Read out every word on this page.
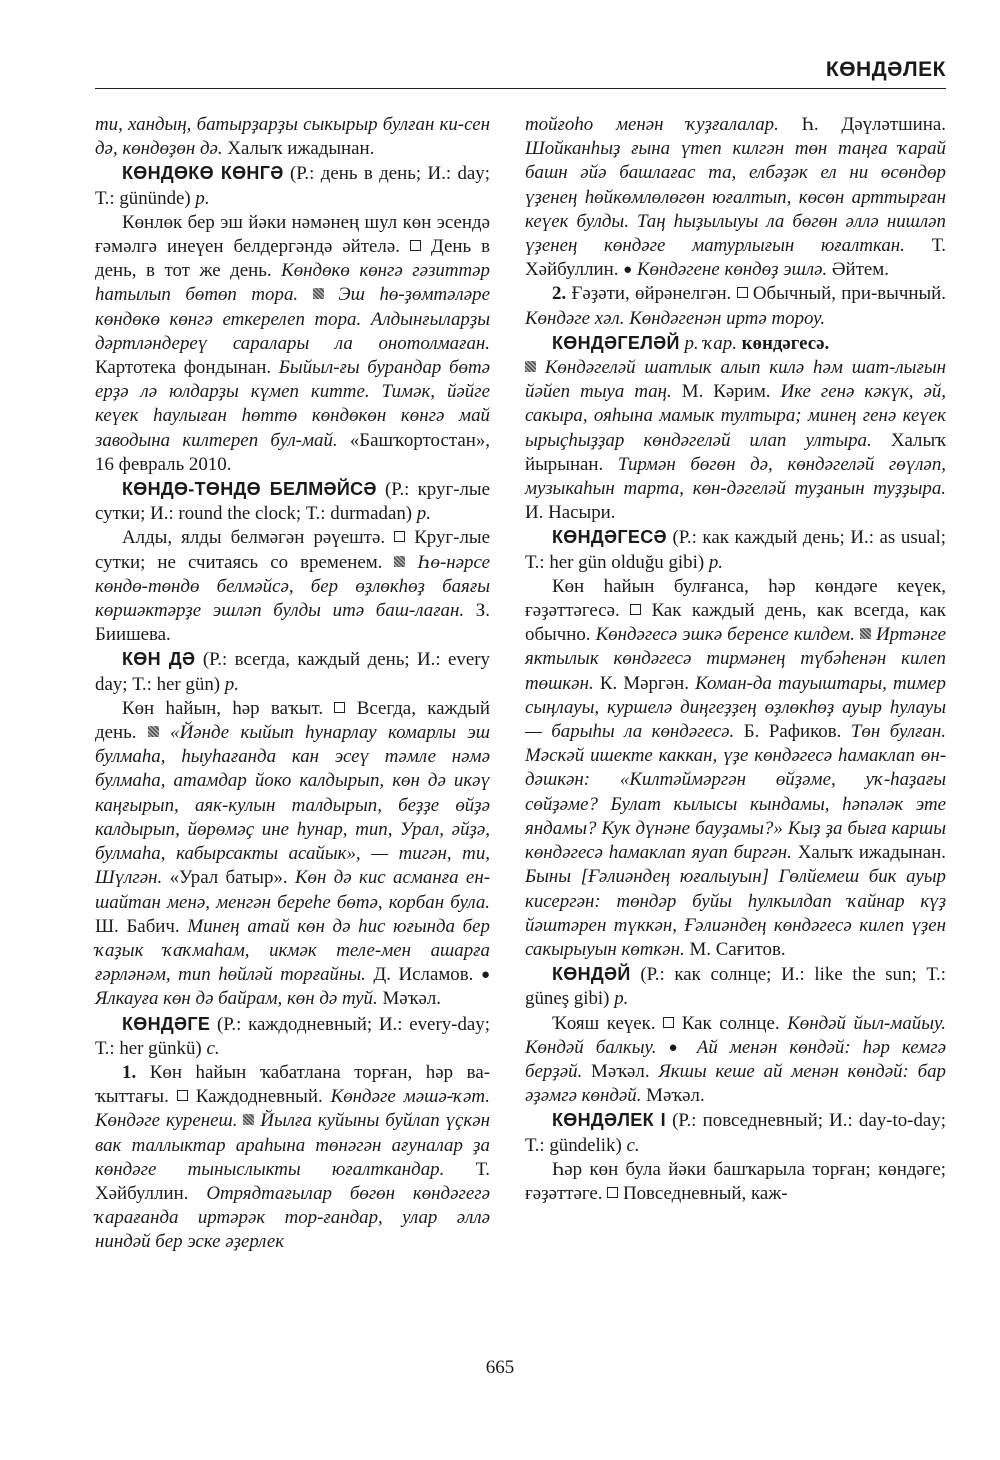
КӨНДӘЛЕК

ти, хандың, батырҙарҙы сыкырыр булған ки-сен дә, көндөҙөн дә. Халыҡ ижадынан.

КӨНДӨКӨ КӨНГӘ (Р.: день в день; И.: day; Т.: gününde) р.

Көнлөк бер эш йәки нәмәнең шул көн эсендә ғәмәлгә инеүен белдергәндә әйтелә.  День в день, в тот же день. Көндөкө көнгә гәзиттәр һатылып бөтөп тора.  Эш һө-ҙөмтәләре көндөкө көнгә еткерелеп тора. Алдынғыларҙы дәртләндереү саралары ла онотолмаған. Картотека фондынан. Быйыл-ғы бурандар бөтә ерҙә лә юлдарҙы күмеп китте. Тимәк, йәйге кеүек һаулыған һөттө көндөкөн көнгә май заводына килтереп бул-май. «Башҡортостан», 16 февраль 2010.

КӨНДӨ-ТӨНДӨ БЕЛМӘЙСӘ (Р.: круг-лые сутки; И.: round the clock; Т.: durmadan) р.

Алды, ялды белмәгән рәүештә.  Круг-лые сутки; не считаясь со временем.  Һө-нәрсе көндө-төндө белмәйсә, бер өҙлөкһөҙ баяғы көршәктәрҙе эшләп булды итә баш-лаған. З. Биишева.

КӨН ДӘ (Р.: всегда, каждый день; И.: every day; Т.: her gün) р.

Көн һайын, һәр ваҡыт.  Всегда, каждый день.  «Йәнде кыйып һунарлау комарлы эш булмаһа, һыуһағанда кан эсеү тәмле нәмә булмаһа, атамдар йоко калдырып, көн дә икәү каңғырып, аяк-кулын талдырып, беҙҙе өйҙә калдырып, йөрөмәҫ ине һунар, тип, Урал, әйҙә, булмаһа, кабырсакты асайык», — тигән, ти, Шүлгән. «Урал батыр». Көн дә кис асманға ен-шайтан менә, менгән береһе бөтә, корбан була. Ш. Бабич. Минең атай көн дә һис юғында бер ҡаҙык ҡаҡмаһам, икмәк теле-мен ашарға ғәрләнәм, тип һөйләй торғайны. Д. Исламов. ● Ялкауға көн дә байрам, көн дә туй. Мәҡәл.

КӨНДӘГЕ (Р.: каждодневный; И.: every-day; Т.: her günkü) с.

1. Көн һайын ҡабатлана торған, һәр ва-ҡыттағы.  Каждодневный. Көндәге мәшә-ҡәт. Көндәге куренеш.  Йылға куйыны буйлап үҫкән вак таллыктар араһына төнәгән ағуналар ҙа көндәге тыныслыкты юғалткандар. Т. Хәйбуллин. Отрядтағылар бөгөн көндәгегә ҡарағанда иртәрәк тор-ғандар, улар әллә ниндәй бер эске әҙерлек

тойғоһо менән ҡуҙғалалар. Һ. Дәүләтшина. Шойканһыҙ ғына үтеп килгән төн таңға ҡарай башн әйә башлағас та, елбәҙәк ел ни өсөндөр үҙенең һөйкөмлөлөгөн юғалтып, көсөн арттырған кеүек булды. Таң һыҙылыуы ла бөгөн әллә нишләп үҙенең көндәге матурлығын юғалткан. Т. Хәйбуллин. ● Көндәгене көндөҙ эшлә. Әйтем.

2. Ғәҙәти, өйрәнелгән.  Обычный, при-вычный. Көндәге хәл. Көндәгенән иртә тороу.

КӨНДӘГЕЛӘЙ р. ҡар. көндәгесә.
Көндәгеләй шатлык алып килә һәм шат-лығын йәйеп тыуа таң. М. Кәрим. Ике генә кәкүк, әй, сакыра, ояһына мамык тултыра; минең генә кеүек ырыҫһыҙҙар көндәгеләй илап ултыра. Халыҡ йырынан. Тирмән бөгөн дә, көндәгеләй гөүләп, музыкаһын тарта, көн-дәгеләй туҙанын туҙҙыра. И. Насыри.

КӨНДӘГЕСӘ (Р.: как каждый день; И.: as usual; Т.: her gün olduğu gibi) р.

Көн һайын булғанса, һәр көндәге кеүек, ғәҙәттәгесә.  Как каждый день, как всегда, как обычно. Көндәгесә эшкә беренсе килдем.  Иртәнге яктылык көндәгесә тирмәнең түбәһенән килеп төшкән. К. Мәргән. Коман-да тауыштары, тимер сыңлауы, куршелә диңгеҙҙең өҙлөкһөҙ ауыр һулауы — барыһы ла көндәгесә. Б. Рафиков. Төн булған. Мәскәй ишекте каккан, үҙе көндәгесә һамаклап өн-дәшкән: «Килтәймәргән өйҙәме, уҡ-һаҙағы сөйҙәме? Булат кылысы кындамы, һәпәләк эте яндамы? Кук дүнәне бауҙамы?» Кыҙ ҙа быға каршы көндәгесә һамаклап яуап биргән. Халыҡ ижадынан. Быны [Ғәлиәндең юғалыуын] Гөлйемеш бик ауыр кисергән: төндәр буйы һулкылдап ҡайнар күҙ йәштәрен түккән, Ғәлиәндең көндәгесә килеп үҙен сакырыуын көткән. М. Сағитов.

КӨНДӘЙ (Р.: как солнце; И.: like the sun; Т.: güneş gibi) р.

Ҡояш кеүек.  Как солнце. Көндәй йыл-майыу. Көндәй балкыу. ● Ай менән көндәй: һәр кемгә берҙәй. Мәҡәл. Якшы кеше ай менән көндәй: бар әҙәмгә көндәй. Мәҡәл.

КӨНДӘЛЕК I (Р.: повседневный; И.: day-to-day; Т.: gündelik) с.

Һәр көн була йәки башҡарыла торған; көндәге; ғәҙәттәге.  Повседневный, каж-

665
